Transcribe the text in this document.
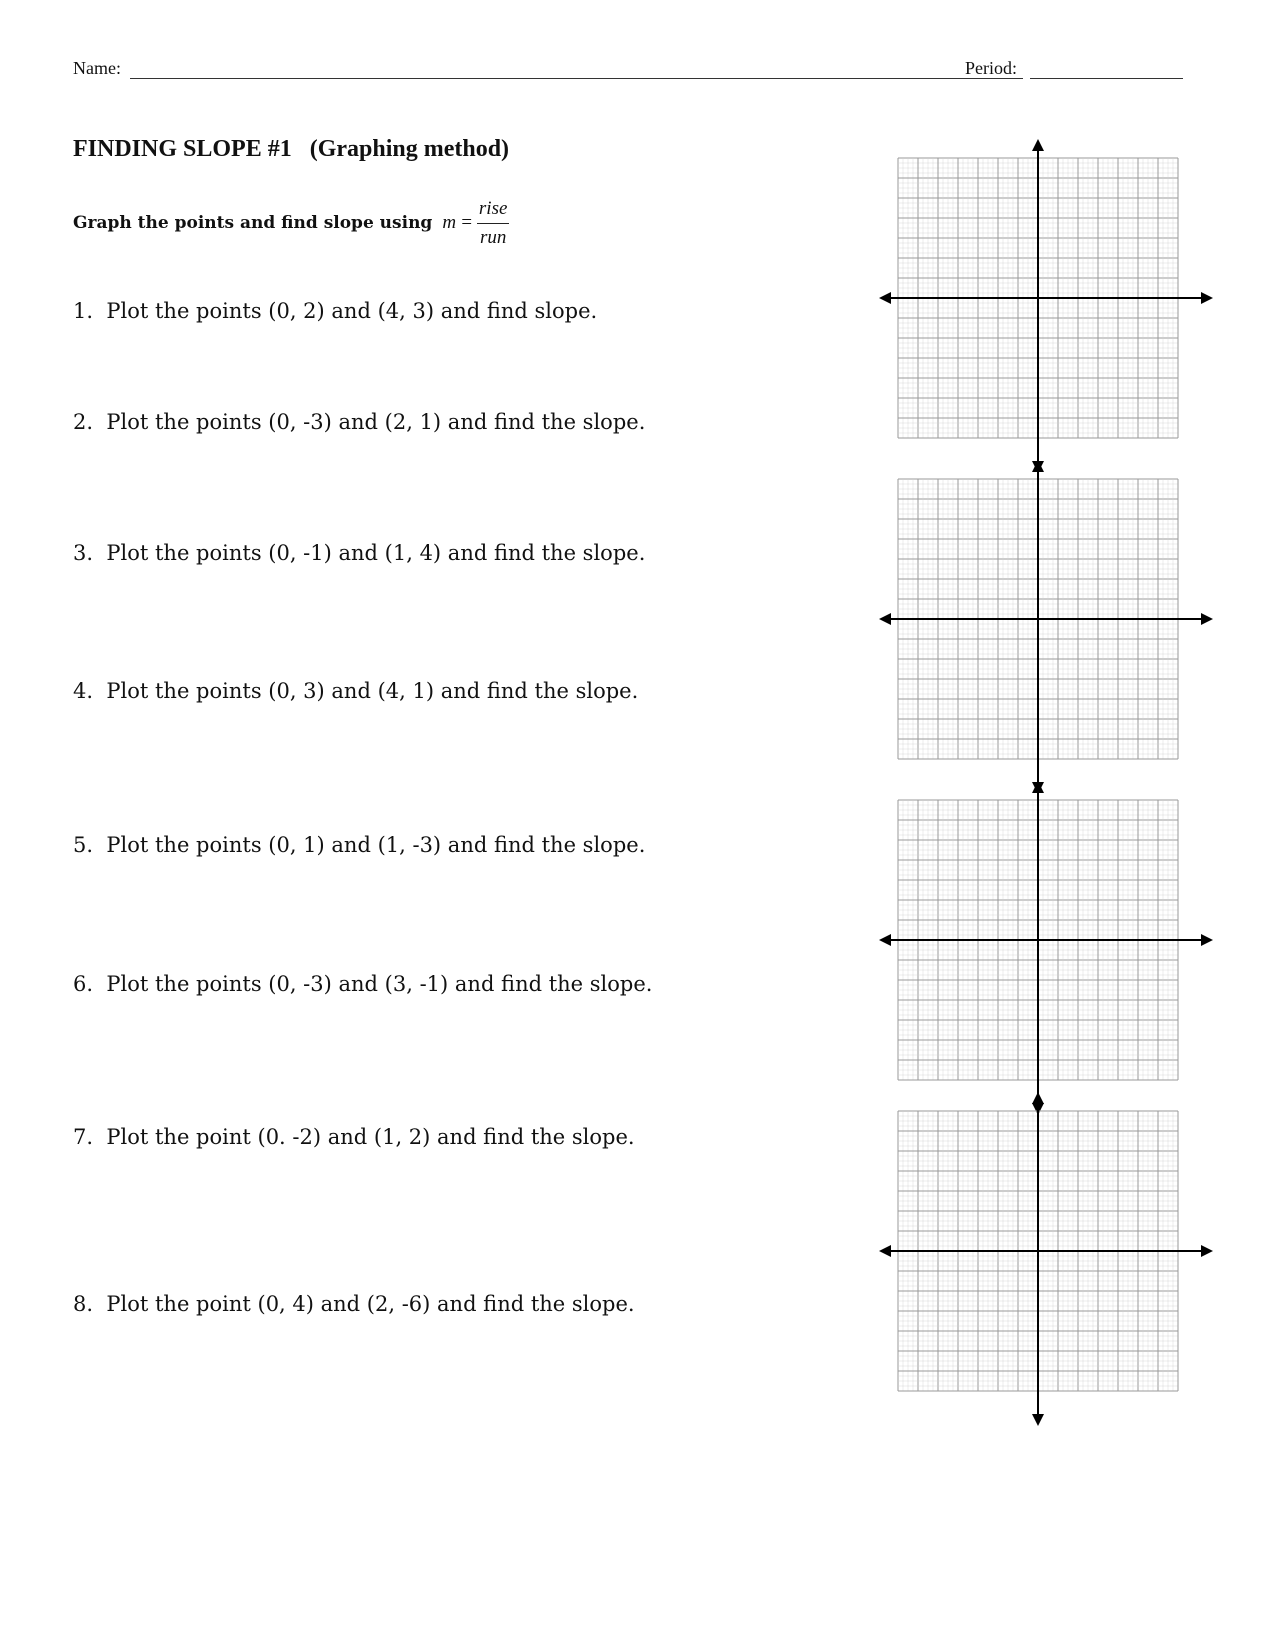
Name:	Period:
FINDING SLOPE #1   (Graphing method)
Graph the points and find slope using $m = \frac{\text{rise}}{\text{run}}$
1.  Plot the points (0, 2) and (4, 3) and find slope.
2.  Plot the points (0, -3) and (2, 1) and find the slope.
3.  Plot the points (0, -1) and (1, 4) and find the slope.
4.  Plot the points (0, 3) and (4, 1) and find the slope.
5.  Plot the points (0, 1) and (1, -3) and find the slope.
6.  Plot the points (0, -3) and (3, -1) and find the slope.
7.  Plot the point (0. -2) and (1, 2) and find the slope.
8.  Plot the point (0, 4) and (2, -6) and find the slope.
